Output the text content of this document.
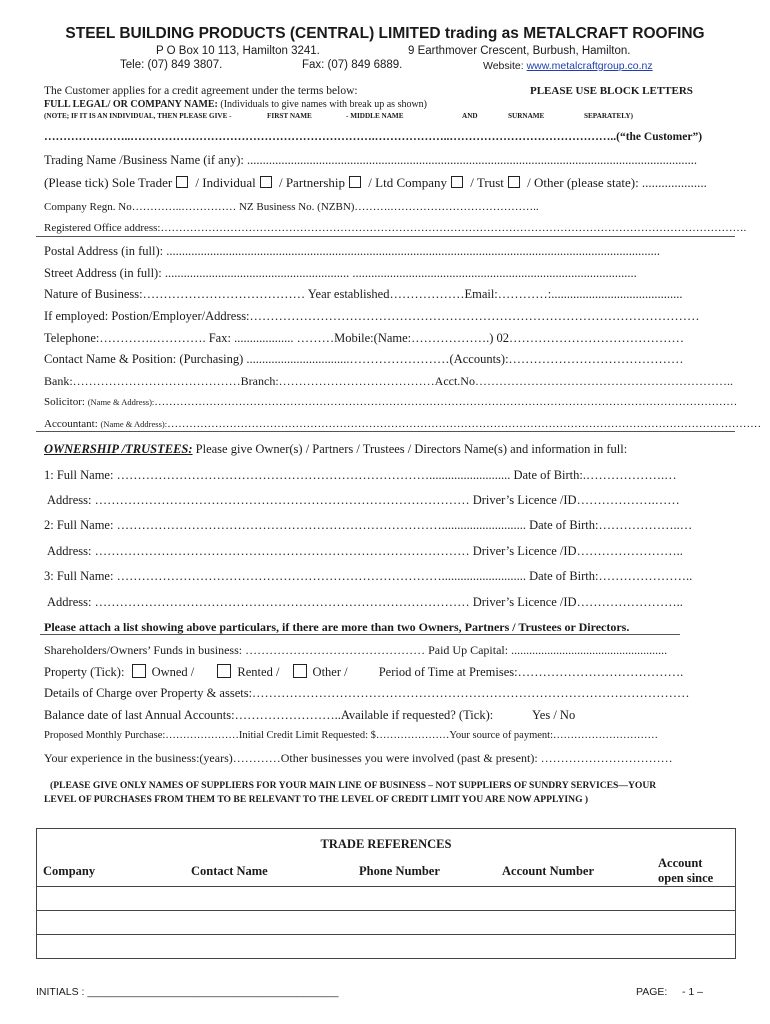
STEEL BUILDING PRODUCTS (CENTRAL) LIMITED trading as METALCRAFT ROOFING
P O Box 10 113, Hamilton 3241.	9 Earthmover Crescent, Burbush, Hamilton.
Tele: (07) 849 3807.	Fax: (07) 849 6889.	Website: www.metalcraftgroup.co.nz
The Customer applies for a credit agreement under the terms below:	PLEASE USE BLOCK LETTERS
FULL LEGAL/ OR COMPANY NAME: (Individuals to give names with break up as shown)
(NOTE; IF IT IS AN INDIVIDUAL, THEN PLEASE GIVE -	FIRST NAME	- MIDDLE NAME	AND	SURNAME	SEPARATELY)
…………………..……………………………………………………….………………..……………………………………..(“the Customer”)
Trading Name /Business Name (if any): ................................................................................................................................................
(Please tick) Sole Trader / Individual / Partnership / Ltd Company / Trust / Other (please state): ....................
Company Regn. No…………..…………… NZ Business No. (NZBN)……….…………………………………..
Registered Office address:…………………………………………………………………………………………………………………………………………….
Postal Address (in full): ..............................................................................................................................................................
Street Address (in full): ........................................................... ...........................................................................................
Nature of Business:………………………………… Year established………………Email:…………:..........................................
If employed: Postion/Employer/Address:………………………………………………………………………………………………
Telephone:………….…………. Fax: ................... ………Mobile:(Name:……………….) 02……………………………………
Contact Name & Position: (Purchasing) .................................……………………(Accounts):……………………………………
Bank:……………………………………Branch:…………………………………Acct.No………………………………………………………..
Solicitor: (Name & Address):……………………………………………………………………………………………………………………………………………
Accountant: (Name & Address):………………………………………………………………………………………………………………………………………………
OWNERSHIP /TRUSTEES: Please give Owner(s) / Partners / Trustees / Directors Name(s) and information in full:
1: Full Name: ………………………………………………………………….......................... Date of Birth:.……………….…
Address: ……………………………………………………………………………… Driver’s Licence /ID……………….……
2: Full Name: ……………………………………………………………………........................... Date of Birth:………………..…
Address: ……………………………………………………………………………… Driver’s Licence /ID……………………..
3: Full Name: ……………………………………………………………………........................... Date of Birth:…………………..
Address: ……………………………………………………………………………… Driver’s Licence /ID……………………..
Please attach a list showing above particulars, if there are more than two Owners, Partners / Trustees or Directors.
Shareholders/Owners’ Funds in business: ……………………………………… Paid Up Capital: ....................................................
Property (Tick): Owned /	Rented /	Other / Period of Time at Premises:………………………………….
Details of Charge over Property & assets:……………………………………………………………………………………………
Balance date of last Annual Accounts:……………………..Available if requested? (Tick):	Yes / No
Proposed Monthly Purchase:…………………Initial Credit Limit Requested: $…………………Your source of payment:…………………………
Your experience in the business:(years)…………Other businesses you were involved (past & present): ……………………………
(PLEASE GIVE ONLY NAMES OF SUPPLIERS FOR YOUR MAIN LINE OF BUSINESS – NOT SUPPLIERS OF SUNDRY SERVICES—YOUR
LEVEL OF PURCHASES FROM THEM TO BE RELEVANT TO THE LEVEL OF CREDIT LIMIT YOU ARE NOW APPLYING )
TRADE REFERENCES
Company	Contact Name	Phone Number	Account Number	Account open since

INITIALS : ___________________________________________	PAGE: - 1 –
